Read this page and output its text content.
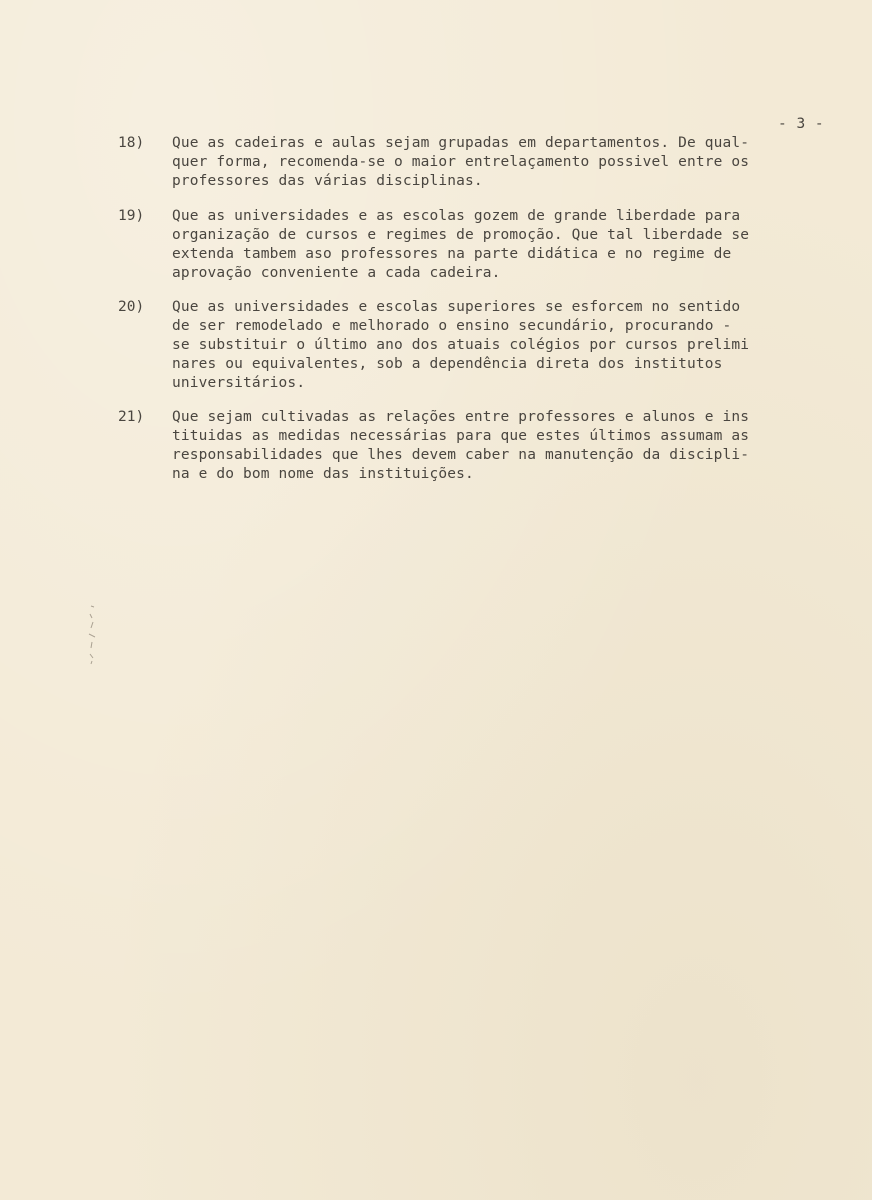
- 3 -
18) Que as cadeiras e aulas sejam grupadas em departamentos. De qual-
quer forma, recomenda-se o maior entrelaçamento possivel entre os
professores das várias disciplinas.
19) Que as universidades e as escolas gozem de grande liberdade para
organização de cursos e regimes de promoção. Que tal liberdade se
extenda tambem aso professores na parte didática e no regime de
aprovação conveniente a cada cadeira.
20) Que as universidades e escolas superiores se esforcem no sentido
de ser remodelado e melhorado o ensino secundário, procurando -
se substituir o último ano dos atuais colégios por cursos prelimi
nares ou equivalentes, sob a dependência direta dos institutos
universitários.
21) Que sejam cultivadas as relações entre professores e alunos e ins
tituidas as medidas necessárias para que estes últimos assumam as
responsabilidades que lhes devem caber na manutenção da discipli-
na e do bom nome das instituições.
